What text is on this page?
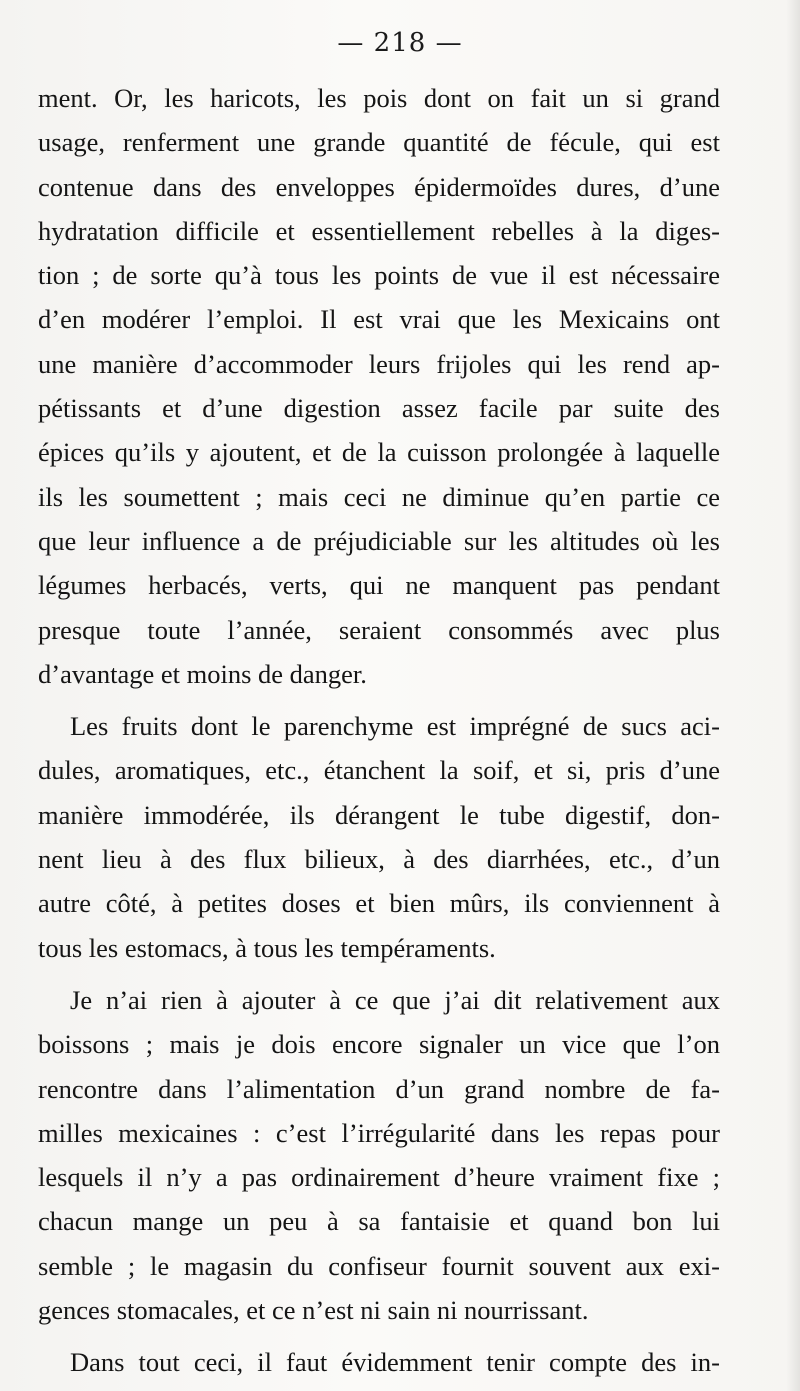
— 218 —
ment. Or, les haricots, les pois dont on fait un si grand
usage, renferment une grande quantité de fécule, qui est
contenue dans des enveloppes épidermoïdes dures, d’une
hydratation difficile et essentiellement rebelles à la diges-
tion ; de sorte qu’à tous les points de vue il est nécessaire
d’en modérer l’emploi. Il est vrai que les Mexicains ont
une manière d’accommoder leurs frijoles qui les rend ap-
pétissants et d’une digestion assez facile par suite des
épices qu’ils y ajoutent, et de la cuisson prolongée à laquelle
ils les soumettent ; mais ceci ne diminue qu’en partie ce
que leur influence a de préjudiciable sur les altitudes où les
légumes herbacés, verts, qui ne manquent pas pendant
presque toute l’année, seraient consommés avec plus
d’avantage et moins de danger.
Les fruits dont le parenchyme est imprégné de sucs aci-
dules, aromatiques, etc., étanchent la soif, et si, pris d’une
manière immodérée, ils dérangent le tube digestif, don-
nent lieu à des flux bilieux, à des diarrhées, etc., d’un
autre côté, à petites doses et bien mûrs, ils conviennent à
tous les estomacs, à tous les tempéraments.
Je n’ai rien à ajouter à ce que j’ai dit relativement aux
boissons ; mais je dois encore signaler un vice que l’on
rencontre dans l’alimentation d’un grand nombre de fa-
milles mexicaines : c’est l’irrégularité dans les repas pour
lesquels il n’y a pas ordinairement d’heure vraiment fixe ;
chacun mange un peu à sa fantaisie et quand bon lui
semble ; le magasin du confiseur fournit souvent aux exi-
gences stomacales, et ce n’est ni sain ni nourrissant.
Dans tout ceci, il faut évidemment tenir compte des in-
